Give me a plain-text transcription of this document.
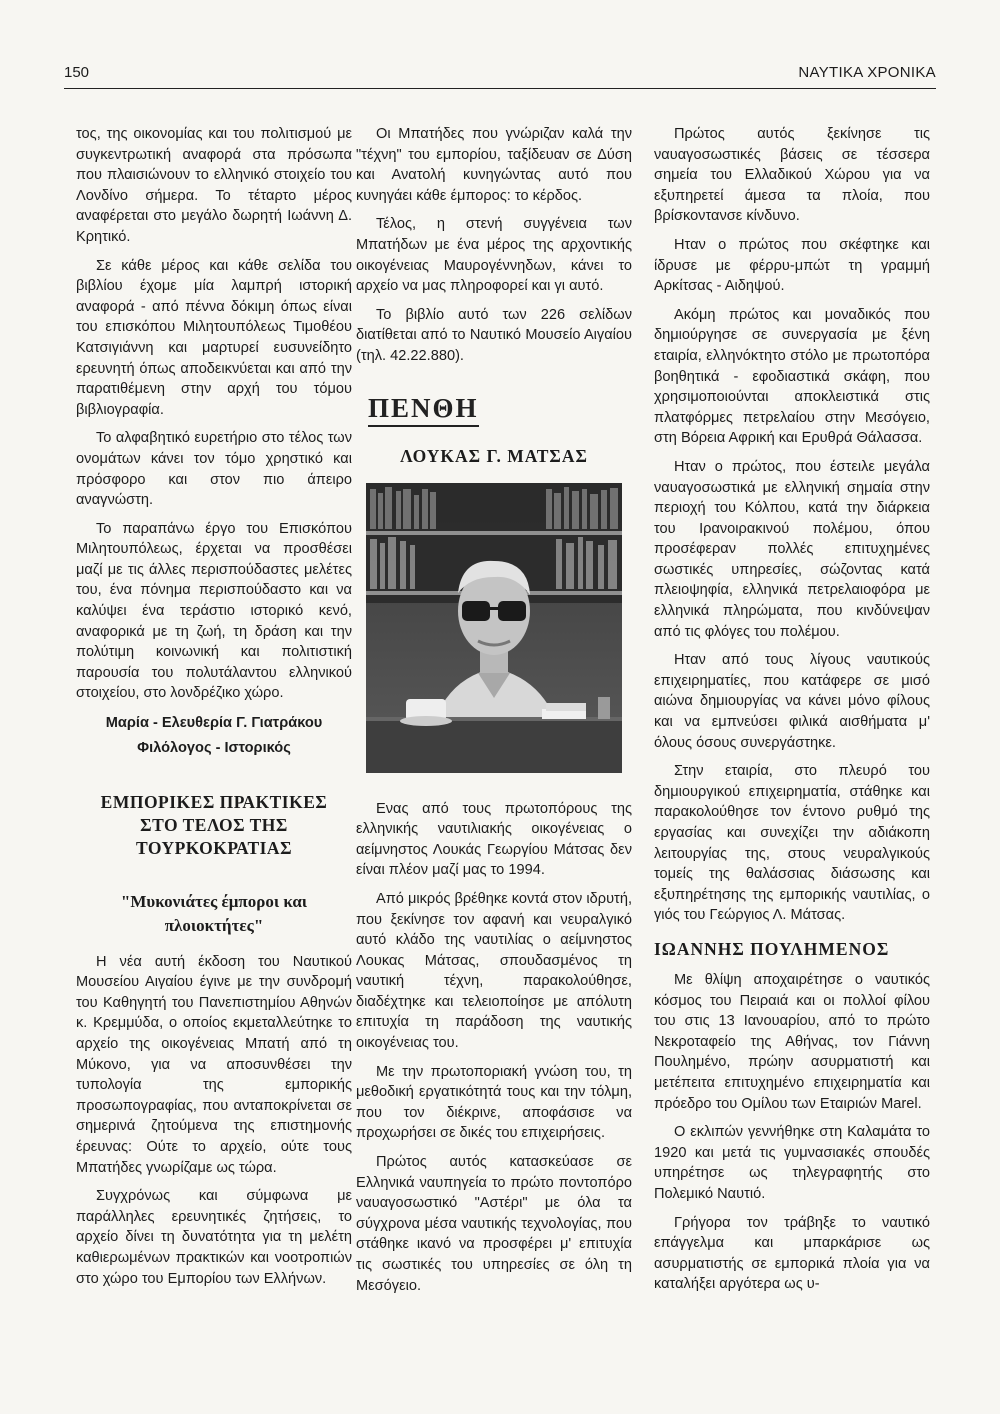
150	ΝΑΥΤΙΚΑ ΧΡΟΝΙΚΑ

τος, της οικονομίας και του πολιτισμού με συγκεντρωτική αναφορά στα πρόσωπα που πλαισιώνουν το ελληνικό στοιχείο του Λονδίνο σήμερα. Το τέταρτο μέρος αναφέρεται στο μεγάλο δωρητή Ιωάννη Δ. Κρητικό.

Σε κάθε μέρος και κάθε σελίδα του βιβλίου έχομε μία λαμπρή ιστορική αναφορά - από πέννα δόκιμη όπως είναι του επισκόπου Μιλητουπόλεως Τιμοθέου Κατσιγιάννη και μαρτυρεί ευσυνείδητο ερευνητή όπως αποδεικνύεται και από την παρατιθέμενη στην αρχή του τόμου βιβλιογραφία.

Το αλφαβητικό ευρετήριο στο τέλος των ονομάτων κάνει τον τόμο χρηστικό και πρόσφορο και στον πιο άπειρο αναγνώστη.

Το παραπάνω έργο του Επισκόπου Μιλητουπόλεως, έρχεται να προσθέσει μαζί με τις άλλες περισπούδαστες μελέτες του, ένα πόνημα περισπούδαστο και να καλύψει ένα τεράστιο ιστορικό κενό, αναφορικά με τη ζωή, τη δράση και την πολύτιμη κοινωνική και πολιτιστική παρουσία του πολυτάλαντου ελληνικού στοιχείου, στο λονδρέζικο χώρο.

Μαρία - Ελευθερία Γ. Γιατράκου
Φιλόλογος - Ιστορικός
ΕΜΠΟΡΙΚΕΣ ΠΡΑΚΤΙΚΕΣ
ΣΤΟ ΤΕΛΟΣ ΤΗΣ
ΤΟΥΡΚΟΚΡΑΤΙΑΣ
"Μυκονιάτες έμποροι και
πλοιοκτήτες"

Η νέα αυτή έκδοση του Ναυτικού Μουσείου Αιγαίου έγινε με την συνδρομή του Καθηγητή του Πανεπιστημίου Αθηνών κ. Κρεμμύδα, ο οποίος εκμεταλλεύτηκε το αρχείο της οικογένειας Μπατή από τη Μύκονο, για να αποσυνθέσει την τυπολογία της εμπορικής προσωπογραφίας, που ανταποκρίνεται σε σημερινά ζητούμενα της επιστημονής έρευνας: Ούτε το αρχείο, ούτε τους Μπατήδες γνωρίζαμε ως τώρα.

Συγχρόνως και σύμφωνα με παράλληλες ερευνητικές ζητήσεις, το αρχείο δίνει τη δυνατότητα για τη μελέτη καθιερωμένων πρακτικών και νοοτροπιών στο χώρο του Εμπορίου των Ελλήνων.

Οι Μπατήδες που γνώριζαν καλά την "τέχνη" του εμπορίου, ταξίδευαν σε Δύση και Ανατολή κυνηγώντας αυτό που κυνηγάει κάθε έμπορος: το κέρδος.

Τέλος, η στενή συγγένεια των Μπατήδων με ένα μέρος της αρχοντικής οικογένειας Μαυρογέννηδων, κάνει το αρχείο να μας πληροφορεί και γι αυτό.

Το βιβλίο αυτό των 226 σελίδων διατίθεται από το Ναυτικό Μουσείο Αιγαίου (τηλ. 42.22.880).

ΠΕΝΘΗ
ΛΟΥΚΑΣ Γ. ΜΑΤΣΑΣ

Ενας από τους πρωτοπόρους της ελληνικής ναυτιλιακής οικογένειας ο αείμνηστος Λουκάς Γεωργίου Μάτσας δεν είναι πλέον μαζί μας το 1994.

Από μικρός βρέθηκε κοντά στον ιδρυτή, που ξεκίνησε τον αφανή και νευραλγικό αυτό κλάδο της ναυτιλίας ο αείμνηστος Λουκας Μάτσας, σπουδασμένος τη ναυτική τέχνη, παρακολούθησε, διαδέχτηκε και τελειοποίησε με απόλυτη επιτυχία τη παράδοση της ναυτικής οικογένειας του.

Με την πρωτοποριακή γνώση του, τη μεθοδική εργατικότητά τους και την τόλμη, που τον διέκρινε, αποφάσισε να προχωρήσει σε δικές του επιχειρήσεις.

Πρώτος αυτός κατασκεύασε σε Ελληνικά ναυπηγεία το πρώτο ποντοπόρο ναυαγοσωστικό "Αστέρι" με όλα τα σύγχρονα μέσα ναυτικής τεχνολογίας, που στάθηκε ικανό να προσφέρει μ' επιτυχία τις σωστικές του υπηρεσίες σε όλη τη Μεσόγειο.

Πρώτος αυτός ξεκίνησε τις ναυαγοσωστικές βάσεις σε τέσσερα σημεία του Ελλαδικού Χώρου για να εξυπηρετεί άμεσα τα πλοία, που βρίσκοντανσε κίνδυνο.

Ηταν ο πρώτος που σκέφτηκε και ίδρυσε με φέρρυ-μπώτ τη γραμμή Αρκίτσας - Αιδηψού.

Ακόμη πρώτος και μοναδικός που δημιούργησε σε συνεργασία με ξένη εταιρία, ελληνόκτητο στόλο με πρωτοπόρα βοηθητικά - εφοδιαστικά σκάφη, που χρησιμοποιούνται αποκλειστικά στις πλατφόρμες πετρελαίου στην Μεσόγειο, στη Βόρεια Αφρική και Ερυθρά Θάλασσα.

Ηταν ο πρώτος, που έστειλε μεγάλα ναυαγοσωστικά με ελληνική σημαία στην περιοχή του Κόλπου, κατά την διάρκεια του Ιρανοιρακινού πολέμου, όπου προσέφεραν πολλές επιτυχημένες σωστικές υπηρεσίες, σώζοντας κατά πλειοψηφία, ελληνικά πετρελαιοφόρα με ελληνικά πληρώματα, που κινδύνεψαν από τις φλόγες του πολέμου.

Ηταν από τους λίγους ναυτικούς επιχειρηματίες, που κατάφερε σε μισό αιώνα δημιουργίας να κάνει μόνο φίλους και να εμπνεύσει φιλικά αισθήματα μ' όλους όσους συνεργάστηκε.

Στην εταιρία, στο πλευρό του δημιουργικού επιχειρηματία, στάθηκε και παρακολούθησε τον έντονο ρυθμό της εργασίας και συνεχίζει την αδιάκοπη λειτουργίας της, στους νευραλγικούς τομείς της θαλάσσιας διάσωσης και εξυπηρέτησης της εμπορικής ναυτιλίας, ο γιός του Γεώργιος Λ. Μάτσας.

ΙΩΑΝΝΗΣ ΠΟΥΛΗΜΕΝΟΣ

Με θλίψη αποχαιρέτησε ο ναυτικός κόσμος του Πειραιά και οι πολλοί φίλου του στις 13 Ιανουαρίου, από το πρώτο Νεκροταφείο της Αθήνας, τον Γιάννη Πουλημένο, πρώην ασυρματιστή και μετέπειτα επιτυχημένο επιχειρηματία και πρόεδρο του Ομίλου των Εταιριών Marel.

Ο εκλιπών γεννήθηκε στη Καλαμάτα το 1920 και μετά τις γυμνασιακές σπουδές υπηρέτησε ως τηλεγραφητής στο Πολεμικό Ναυτιό.

Γρήγορα τον τράβηξε το ναυτικό επάγγελμα και μπαρκάρισε ως ασυρματιστής σε εμπορικά πλοία για να καταλήξει αργότερα ως υ-
